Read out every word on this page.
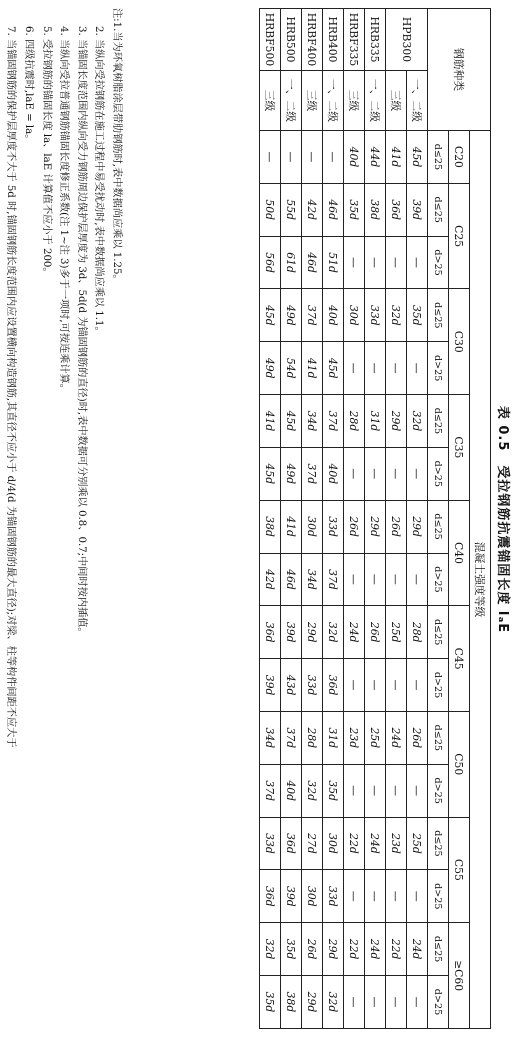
表 0.5　受拉钢筋抗震锚固长度 lₐE
钢筋种类		混凝土强度等级																
		C20	C25		C30		C35		C40		C45		C50		C55		≥C60	
		d≤25	d≤25	d>25	d≤25	d>25	d≤25	d>25	d≤25	d>25	d≤25	d>25	d≤25	d>25	d≤25	d>25	d≤25	d>25
HPB300	一、二级	45d	39d	—	35d	—	32d	—	29d	—	28d	—	26d	—	25d	—	24d	—
	三级	41d	36d	—	32d	—	29d	—	26d	—	25d	—	24d	—	23d	—	22d	—
HRB335	一、二级	44d	38d	—	33d	—	31d	—	29d	—	26d	—	25d	—	24d	—	24d	—
HRBF335	三级	40d	35d	—	30d	—	28d	—	26d	—	24d	—	23d	—	22d	—	22d	—
HRB400	一、二级	—	46d	51d	40d	45d	37d	40d	33d	37d	32d	36d	31d	35d	30d	33d	29d	32d
HRBF400	三级	—	42d	46d	37d	41d	34d	37d	30d	34d	29d	33d	28d	32d	27d	30d	26d	29d
HRB500	一、二级	—	55d	61d	49d	54d	45d	49d	41d	46d	39d	43d	37d	40d	36d	39d	35d	38d
HRBF500	三级	—	50d	56d	45d	49d	41d	45d	38d	42d	36d	39d	34d	37d	33d	36d	32d	35d
注:1.当为环氧树脂涂层带肋钢筋时,表中数据尚应乘以 1.25。
2. 当纵向受拉钢筋在施工过程中易受扰动时,表中数据尚应乘以 1.1。
3. 当锚固长度范围内纵向受力钢筋周边保护层厚度为 3d、5d(d 为锚固钢筋的直径)时,表中数据可分别乘以 0.8、0.7;中间时按内插值。
4. 当纵向受拉普通钢筋锚固长度修正系数(注 1~注 3)多于一项时,可按连乘计算。
5. 受拉钢筋的锚固长度 la、laE 计算值不应小于 200。
6. 四级抗震时,laE = la。
7. 当锚固钢筋的保护层厚度不大于 5d 时,锚固钢筋长度范围内应设置横向构造钢筋,其直径不应小于 d/4(d 为锚固钢筋的最大直径);对梁、柱等构件间距不应大于
